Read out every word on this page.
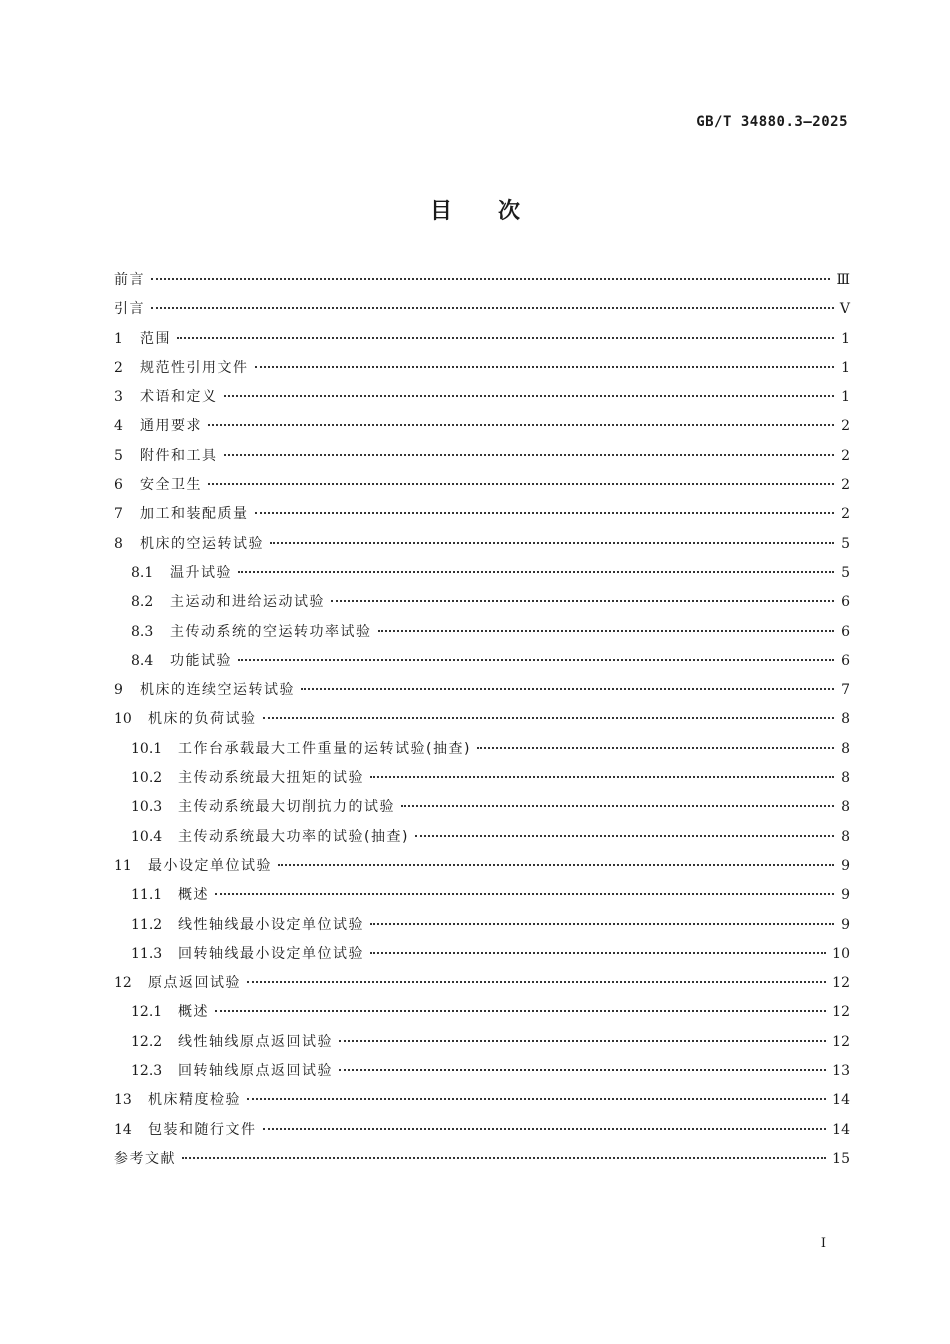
GB/T 34880.3—2025
目次
前言	Ⅲ
引言	Ⅴ
1	范围	1
2	规范性引用文件	1
3	术语和定义	1
4	通用要求	2
5	附件和工具	2
6	安全卫生	2
7	加工和装配质量	2
8	机床的空运转试验	5
8.1	温升试验	5
8.2	主运动和进给运动试验	6
8.3	主传动系统的空运转功率试验	6
8.4	功能试验	6
9	机床的连续空运转试验	7
10	机床的负荷试验	8
10.1	工作台承载最大工件重量的运转试验(抽查)	8
10.2	主传动系统最大扭矩的试验	8
10.3	主传动系统最大切削抗力的试验	8
10.4	主传动系统最大功率的试验(抽查)	8
11	最小设定单位试验	9
11.1	概述	9
11.2	线性轴线最小设定单位试验	9
11.3	回转轴线最小设定单位试验	10
12	原点返回试验	12
12.1	概述	12
12.2	线性轴线原点返回试验	12
12.3	回转轴线原点返回试验	13
13	机床精度检验	14
14	包装和随行文件	14
参考文献	15
I
